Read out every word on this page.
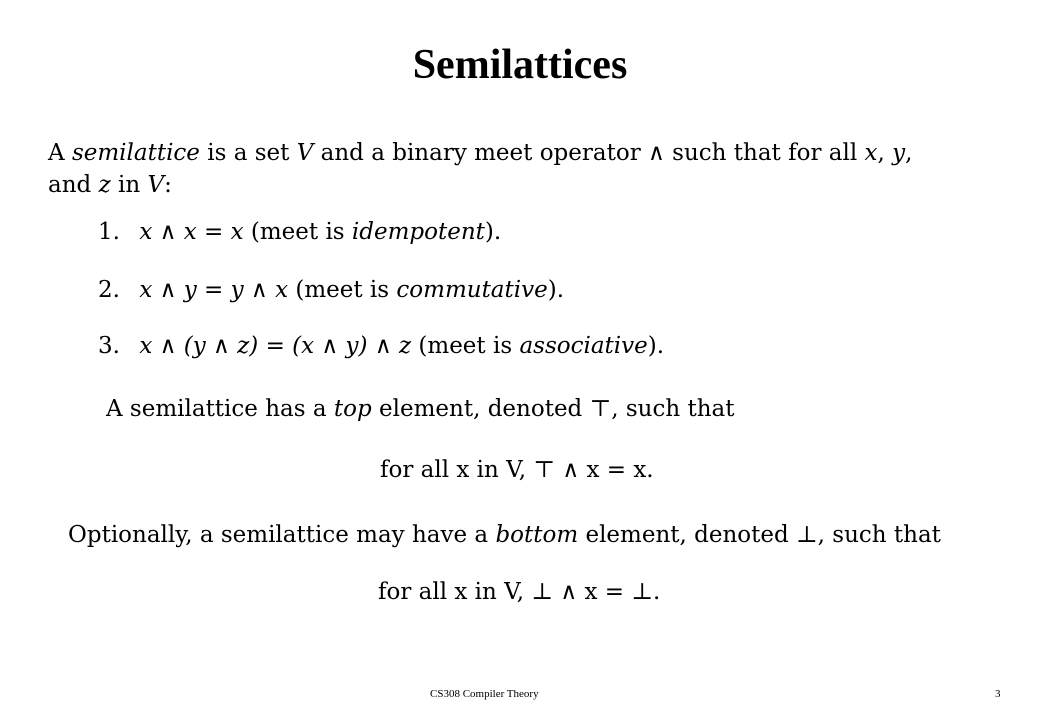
Semilattices
A semilattice is a set V and a binary meet operator ∧ such that for all x, y,
and z in V:
1. x ∧ x = x (meet is idempotent).
2. x ∧ y = y ∧ x (meet is commutative).
3. x ∧ (y ∧ z) = (x ∧ y) ∧ z (meet is associative).
A semilattice has a top element, denoted ⊤, such that
for all x in V, ⊤ ∧ x = x.
Optionally, a semilattice may have a bottom element, denoted ⊥, such that
for all x in V, ⊥ ∧ x = ⊥.
CS308 Compiler Theory	3
